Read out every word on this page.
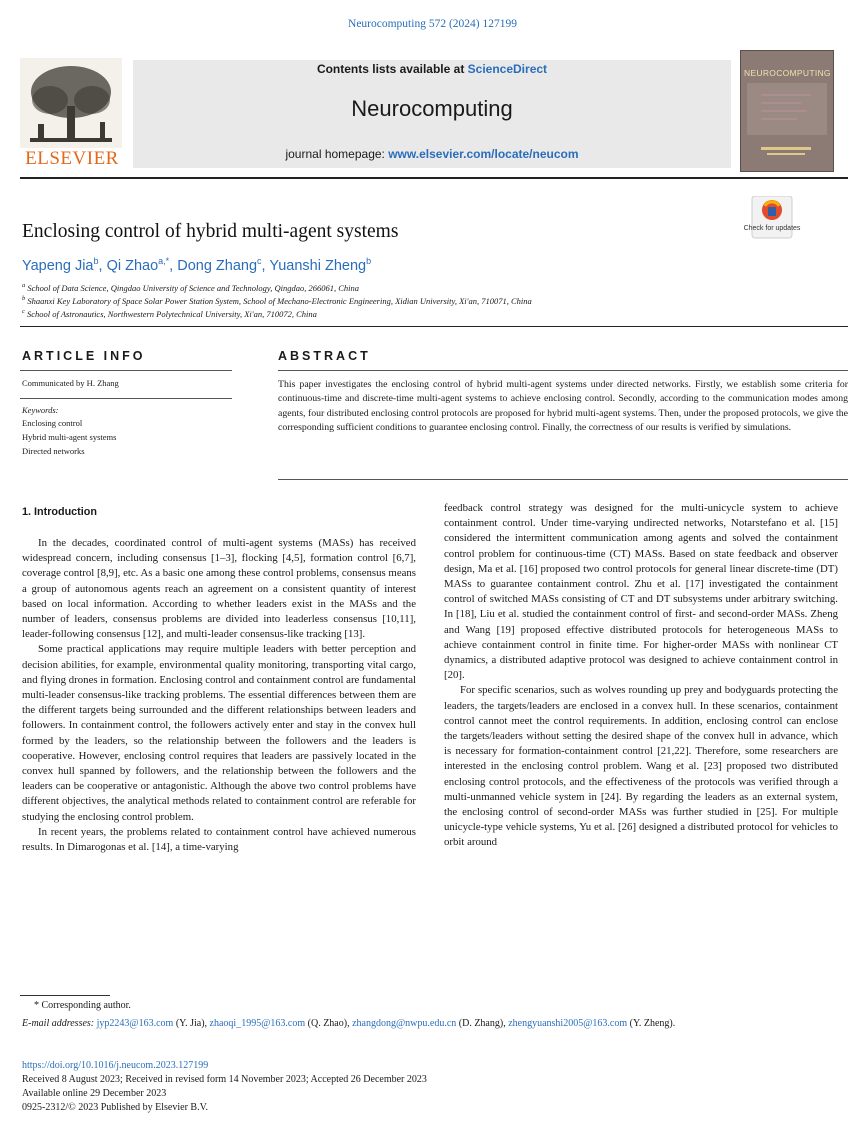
Neurocomputing 572 (2024) 127199
Contents lists available at ScienceDirect
Neurocomputing
journal homepage: www.elsevier.com/locate/neucom
ELSEVIER
NEUROCOMPUTING
Check for updates
Enclosing control of hybrid multi-agent systems
Yapeng Jia$^b$, Qi Zhao$^{a,*}$, Dong Zhang$^c$, Yuanshi Zheng$^b$
$^a$ School of Data Science, Qingdao University of Science and Technology, Qingdao, 266061, China
$^b$ Shaanxi Key Laboratory of Space Solar Power Station System, School of Mechano-Electronic Engineering, Xidian University, Xi'an, 710071, China
$^c$ School of Astronautics, Northwestern Polytechnical University, Xi'an, 710072, China
ARTICLE INFO
Communicated by H. Zhang
Keywords:
Enclosing control
Hybrid multi-agent systems
Directed networks
ABSTRACT
This paper investigates the enclosing control of hybrid multi-agent systems under directed networks. Firstly, we establish some criteria for continuous-time and discrete-time multi-agent systems to achieve enclosing control. Secondly, according to the communication modes among agents, four distributed enclosing control protocols are proposed for hybrid multi-agent systems. Then, under the proposed protocols, we give the corresponding sufficient conditions to guarantee enclosing control. Finally, the correctness of our results is verified by simulations.
1. Introduction

In the decades, coordinated control of multi-agent systems (MASs) has received widespread concern, including consensus [1–3], flocking [4,5], formation control [6,7], coverage control [8,9], etc. As a basic one among these control problems, consensus means a group of autonomous agents reach an agreement on a consistent quantity of interest based on local information. According to whether leaders exist in the MASs and the number of leaders, consensus problems are divided into leaderless consensus [10,11], leader-following consensus [12], and multi-leader consensus-like tracking [13].

Some practical applications may require multiple leaders with better perception and decision abilities, for example, environmental quality monitoring, transporting vital cargo, and flying drones in formation. Enclosing control and containment control are fundamental multi-leader consensus-like tracking problems. The essential differences between them are the different targets being surrounded and the different relationships between leaders and followers. In containment control, the followers actively enter and stay in the convex hull formed by the leaders, so the relationship between the followers and the leaders is cooperative. However, enclosing control requires that leaders are passively located in the convex hull spanned by followers, and the relationship between the followers and the leaders can be cooperative or antagonistic. Although the above two control problems have different objectives, the analytical methods related to containment control are referable for studying the enclosing control problem.

In recent years, the problems related to containment control have achieved numerous results. In Dimarogonas et al. [14], a time-varying

feedback control strategy was designed for the multi-unicycle system to achieve containment control. Under time-varying undirected networks, Notarstefano et al. [15] considered the intermittent communication among agents and solved the containment control problem for continuous-time (CT) MASs. Based on state feedback and observer design, Ma et al. [16] proposed two control protocols for general linear discrete-time (DT) MASs to guarantee containment control. Zhu et al. [17] investigated the containment control of switched MASs consisting of CT and DT subsystems under arbitrary switching. In [18], Liu et al. studied the containment control of first- and second-order MASs. Zheng and Wang [19] proposed effective distributed protocols for heterogeneous MASs to achieve containment control in finite time. For higher-order MASs with nonlinear CT dynamics, a distributed adaptive protocol was designed to achieve containment control in [20].

For specific scenarios, such as wolves rounding up prey and bodyguards protecting the leaders, the targets/leaders are enclosed in a convex hull. In these scenarios, containment control cannot meet the control requirements. In addition, enclosing control can enclose the targets/leaders without setting the desired shape of the convex hull in advance, which is necessary for formation-containment control [21,22]. Therefore, some researchers are interested in the enclosing control problem. Wang et al. [23] proposed two distributed enclosing control protocols, and the effectiveness of the protocols was verified through a multi-unmanned vehicle system in [24]. By regarding the leaders as an external system, the enclosing control of second-order MASs was further studied in [25]. For multiple unicycle-type vehicle systems, Yu et al. [26] designed a distributed protocol for vehicles to orbit around

* Corresponding author.
E-mail addresses: jyp2243@163.com (Y. Jia), zhaoqi_1995@163.com (Q. Zhao), zhangdong@nwpu.edu.cn (D. Zhang), zhengyuanshi2005@163.com (Y. Zheng).
https://doi.org/10.1016/j.neucom.2023.127199
Received 8 August 2023; Received in revised form 14 November 2023; Accepted 26 December 2023
Available online 29 December 2023
0925-2312/© 2023 Published by Elsevier B.V.
